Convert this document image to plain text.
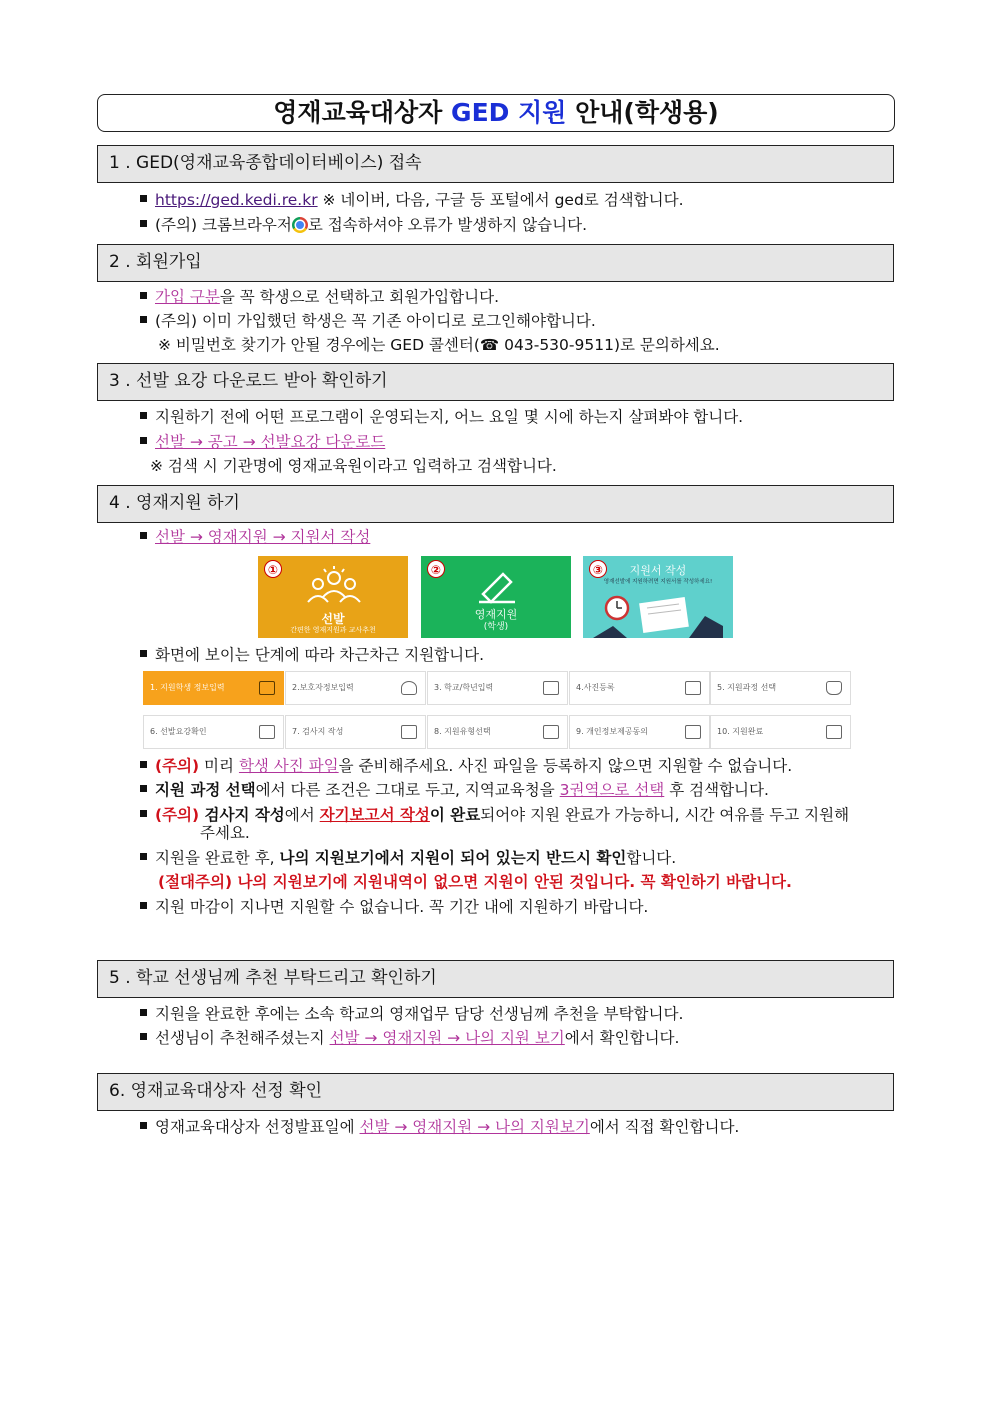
영재교육대상자 GED 지원 안내(학생용)
1 . GED(영재교육종합데이터베이스) 접속
https://ged.kedi.re.kr ※ 네이버, 다음, 구글 등 포털에서 ged로 검색합니다.
(주의) 크롬브라우저 로 접속하셔야 오류가 발생하지 않습니다.
2 . 회원가입
가입 구분을 꼭 학생으로 선택하고 회원가입합니다.
(주의) 이미 가입했던 학생은 꼭 기존 아이디로 로그인해야합니다.
※ 비밀번호 찾기가 안될 경우에는 GED 콜센터(☎ 043-530-9511)로 문의하세요.
3 . 선발 요강 다운로드 받아 확인하기
지원하기 전에 어떤 프로그램이 운영되는지, 어느 요일 몇 시에 하는지 살펴봐야 합니다.
선발 → 공고 → 선발요강 다운로드
※ 검색 시 기관명에 영재교육원이라고 입력하고 검색합니다.
4 . 영재지원 하기
선발 → 영재지원 → 지원서 작성
①
선발
간편한 영재지원과 교사추천
②
영재지원
(학생)
③	지원서 작성
영재선발에 지원하려면 지원서를 작성하세요!
화면에 보이는 단계에 따라 차근차근 지원합니다.
1. 지원학생 정보입력	2.보호자정보입력	3. 학교/학년입력	4.사진등록	5. 지원과정 선택
6. 선발요강확인	7. 검사지 작성	8. 지원유형선택	9. 개인정보제공동의	10. 지원완료
(주의) 미리 학생 사진 파일을 준비해주세요. 사진 파일을 등록하지 않으면 지원할 수 없습니다.
지원 과정 선택에서 다른 조건은 그대로 두고, 지역교육청을 3권역으로 선택 후 검색합니다.
(주의) 검사지 작성에서 자기보고서 작성이 완료되어야 지원 완료가 가능하니, 시간 여유를 두고 지원해
주세요.
지원을 완료한 후, 나의 지원보기에서 지원이 되어 있는지 반드시 확인합니다.
(절대주의) 나의 지원보기에 지원내역이 없으면 지원이 안된 것입니다. 꼭 확인하기 바랍니다.
지원 마감이 지나면 지원할 수 없습니다. 꼭 기간 내에 지원하기 바랍니다.
5 . 학교 선생님께 추천 부탁드리고 확인하기
지원을 완료한 후에는 소속 학교의 영재업무 담당 선생님께 추천을 부탁합니다.
선생님이 추천해주셨는지 선발 → 영재지원 → 나의 지원 보기에서 확인합니다.
6. 영재교육대상자 선정 확인
영재교육대상자 선정발표일에 선발 → 영재지원 → 나의 지원보기에서 직접 확인합니다.
